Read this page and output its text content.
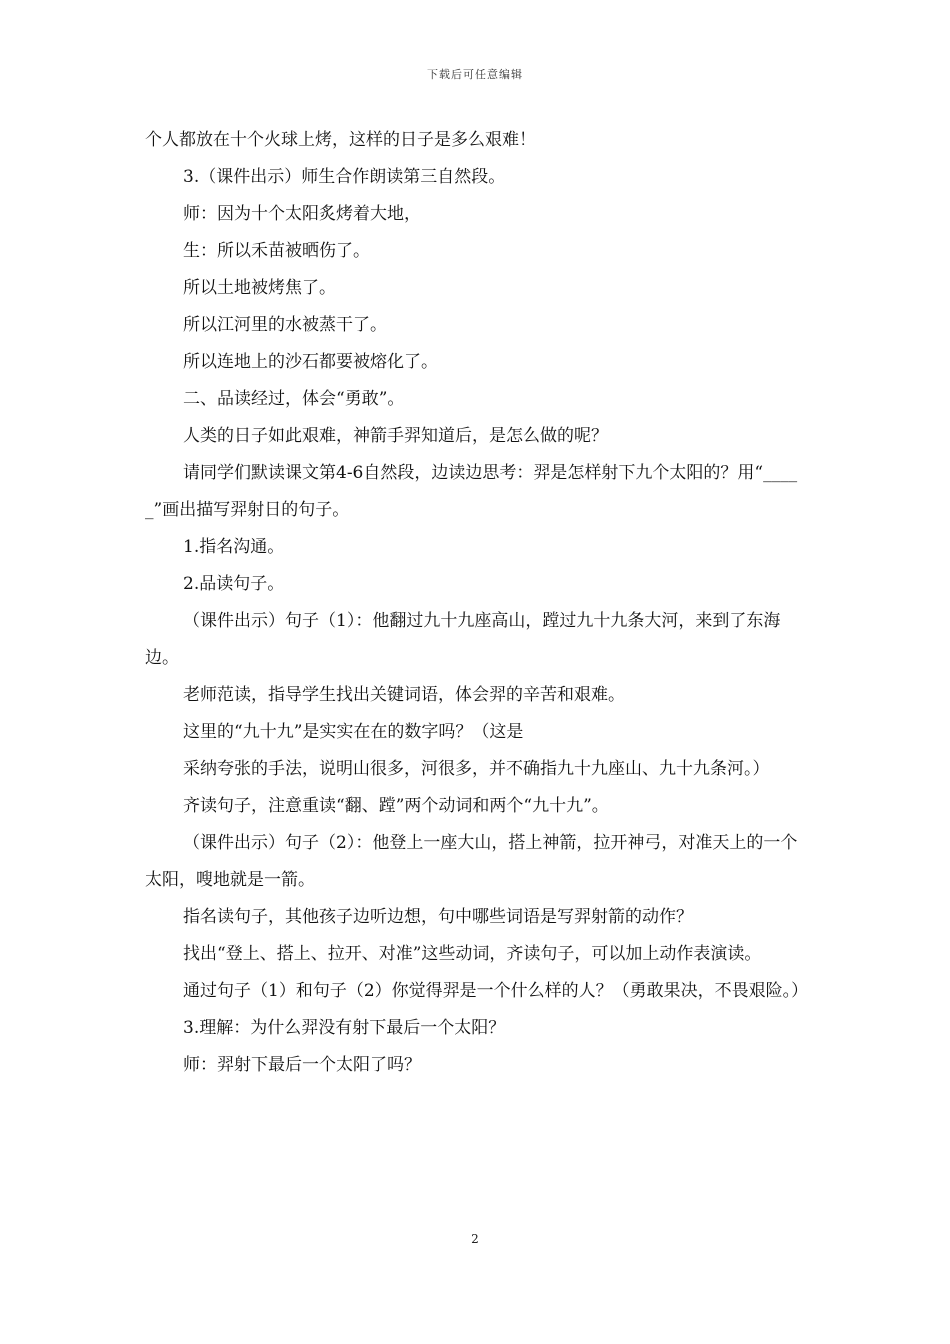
下载后可任意编辑

个人都放在十个火球上烤，这样的日子是多么艰难！

3.（课件出示）师生合作朗读第三自然段。

师：因为十个太阳炙烤着大地，

生：所以禾苗被晒伤了。

所以土地被烤焦了。

所以江河里的水被蒸干了。

所以连地上的沙石都要被熔化了。

二、品读经过，体会“勇敢”。

人类的日子如此艰难，神箭手羿知道后，是怎么做的呢？

请同学们默读课文第4-6自然段，边读边思考：羿是怎样射下九个太阳的？用“_____”画出描写羿射日的句子。

1.指名沟通。

2.品读句子。

（课件出示）句子（1）：他翻过九十九座高山，蹚过九十九条大河，来到了东海边。

老师范读，指导学生找出关键词语，体会羿的辛苦和艰难。

这里的“九十九”是实实在在的数字吗？（这是

采纳夸张的手法，说明山很多，河很多，并不确指九十九座山、九十九条河。）

齐读句子，注意重读“翻、蹚”两个动词和两个“九十九”。

（课件出示）句子（2）：他登上一座大山，搭上神箭，拉开神弓，对准天上的一个太阳，嗖地就是一箭。

指名读句子，其他孩子边听边想，句中哪些词语是写羿射箭的动作？

找出“登上、搭上、拉开、对准”这些动词，齐读句子，可以加上动作表演读。

通过句子（1）和句子（2）你觉得羿是一个什么样的人？（勇敢果决，不畏艰险。）

3.理解：为什么羿没有射下最后一个太阳？

师：羿射下最后一个太阳了吗？

2
